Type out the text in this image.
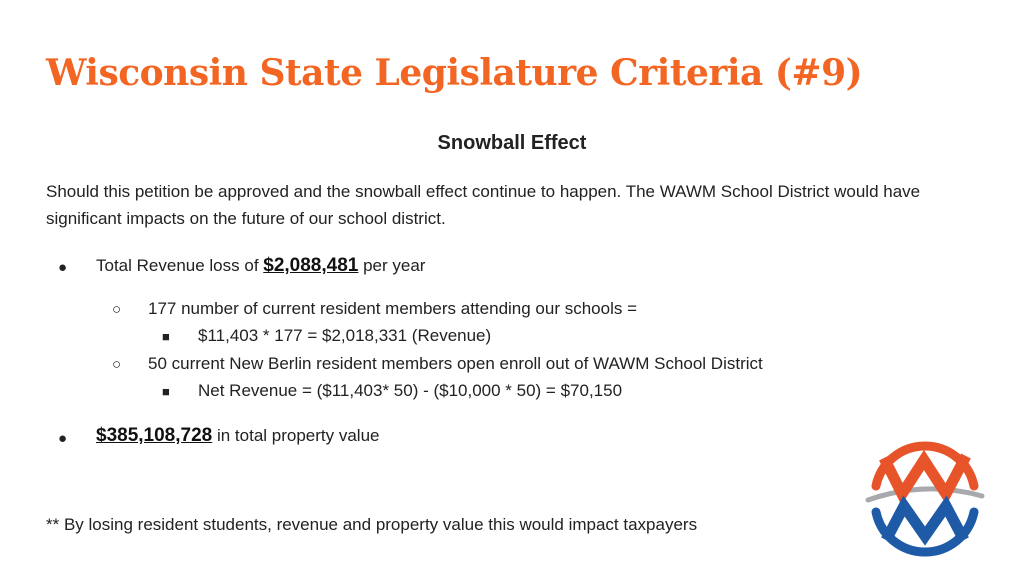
Wisconsin State Legislature Criteria (#9)
Snowball Effect
Should this petition be approved and the snowball effect continue to happen. The WAWM School District would have significant impacts on the future of our school district.
● Total Revenue loss of $2,088,481 per year
○ 177 number of current resident members attending our schools =
■ $11,403 * 177 = $2,018,331 (Revenue)
○ 50 current New Berlin resident members open enroll out of WAWM School District
■ Net Revenue = ($11,403* 50) - ($10,000 * 50) = $70,150
● $385,108,728 in total property value
** By losing resident students, revenue and property value this would impact taxpayers
